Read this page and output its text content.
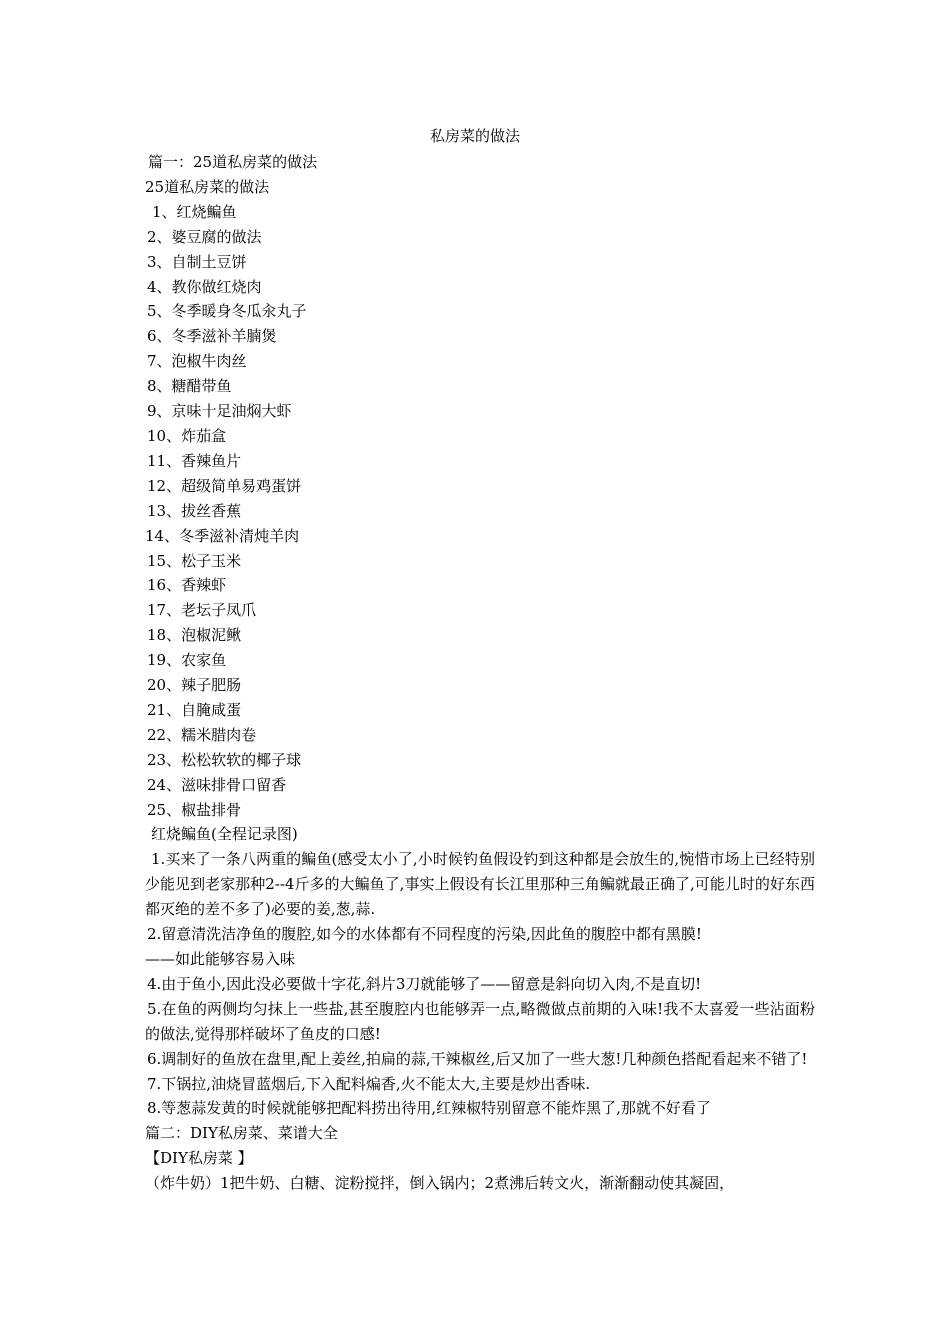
私房菜的做法
篇一：25道私房菜的做法
25道私房菜的做法
1、红烧鳊鱼
2、婆豆腐的做法
3、自制土豆饼
4、教你做红烧肉
5、冬季暖身冬瓜汆丸子
6、冬季滋补羊腩煲
7、泡椒牛肉丝
8、糖醋带鱼
9、京味十足油焖大虾
10、炸茄盒
11、香辣鱼片
12、超级简单易鸡蛋饼
13、拔丝香蕉
14、冬季滋补清炖羊肉
15、松子玉米
16、香辣虾
17、老坛子凤爪
18、泡椒泥鳅
19、农家鱼
20、辣子肥肠
21、自腌咸蛋
22、糯米腊肉卷
23、松松软软的椰子球
24、滋味排骨口留香
25、椒盐排骨
红烧鳊鱼(全程记录图)
1.买来了一条八两重的鳊鱼(感受太小了,小时候钓鱼假设钓到这种都是会放生的,惋惜市场上已经特别少能见到老家那种2--4斤多的大鳊鱼了,事实上假设有长江里那种三角鳊就最正确了,可能儿时的好东西都灭绝的差不多了)必要的姜,葱,蒜.
2.留意清洗洁净鱼的腹腔,如今的水体都有不同程度的污染,因此鱼的腹腔中都有黑膜!
——如此能够容易入味
4.由于鱼小,因此没必要做十字花,斜片3刀就能够了——留意是斜向切入肉,不是直切!
5.在鱼的两侧均匀抹上一些盐,甚至腹腔内也能够弄一点,略微做点前期的入味!我不太喜爱一些沾面粉的做法,觉得那样破坏了鱼皮的口感!
6.调制好的鱼放在盘里,配上姜丝,拍扁的蒜,干辣椒丝,后又加了一些大葱!几种颜色搭配看起来不错了!
7.下锅拉,油烧冒蓝烟后,下入配料煸香,火不能太大,主要是炒出香味.
8.等葱蒜发黄的时候就能够把配料捞出待用,红辣椒特别留意不能炸黑了,那就不好看了
篇二：DIY私房菜、菜谱大全
【DIY私房菜 】
（炸牛奶）1把牛奶、白糖、淀粉搅拌，倒入锅内；2煮沸后转文火，渐渐翻动使其凝固，
